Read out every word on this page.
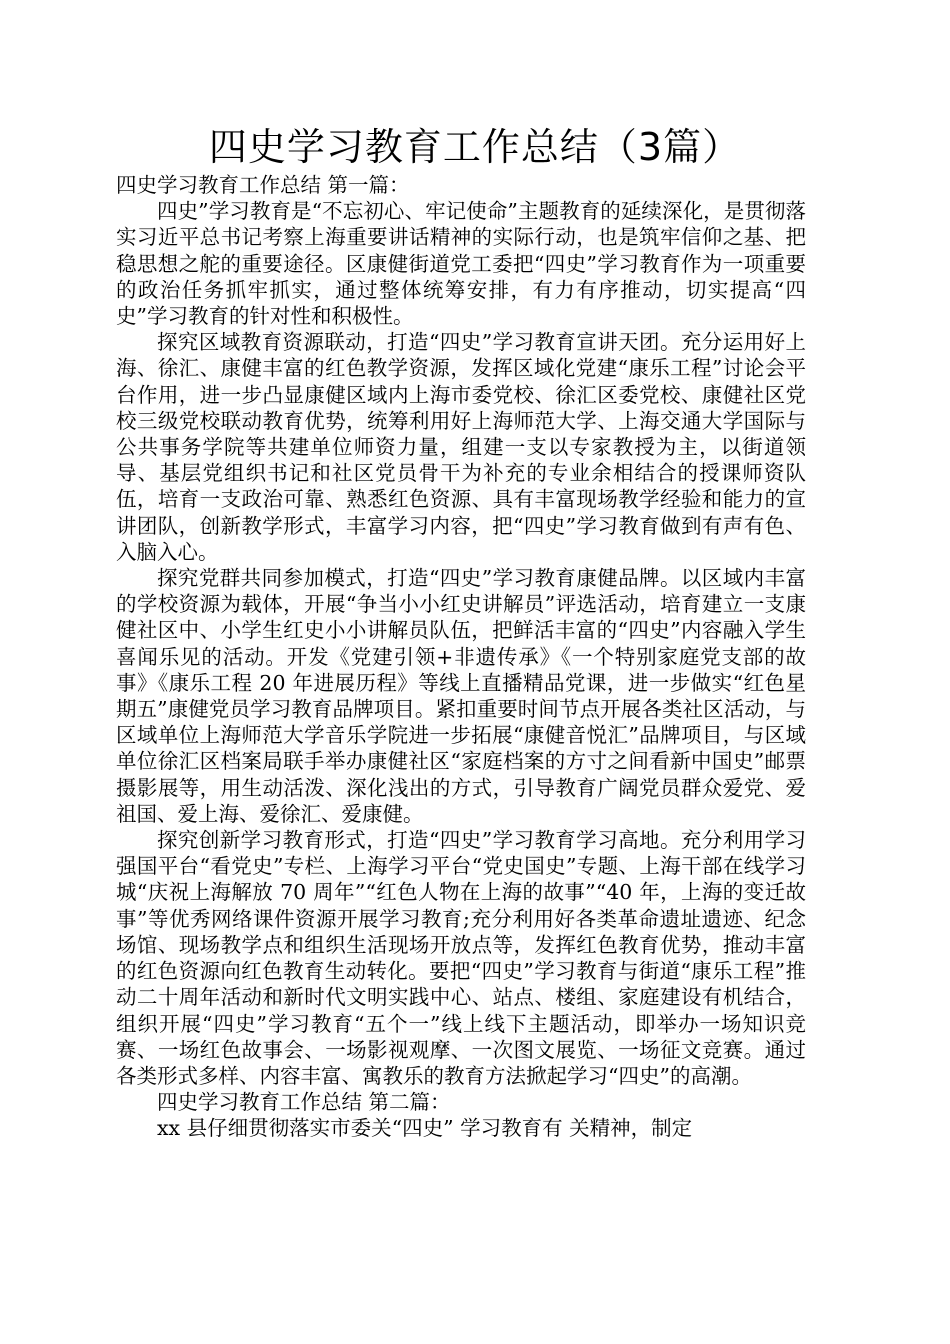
四史学习教育工作总结（3篇）

四史学习教育工作总结 第一篇：

四史”学习教育是“不忘初心、牢记使命”主题教育的延续深化，是贯彻落实习近平总书记考察上海重要讲话精神的实际行动，也是筑牢信仰之基、把稳思想之舵的重要途径。区康健街道党工委把“四史”学习教育作为一项重要的政治任务抓牢抓实，通过整体统筹安排，有力有序推动，切实提高“四史”学习教育的针对性和积极性。

探究区域教育资源联动，打造“四史”学习教育宣讲天团。充分运用好上海、徐汇、康健丰富的红色教学资源，发挥区域化党建“康乐工程”讨论会平台作用，进一步凸显康健区域内上海市委党校、徐汇区委党校、康健社区党校三级党校联动教育优势，统筹利用好上海师范大学、上海交通大学国际与公共事务学院等共建单位师资力量，组建一支以专家教授为主，以街道领导、基层党组织书记和社区党员骨干为补充的专业余相结合的授课师资队伍，培育一支政治可靠、熟悉红色资源、具有丰富现场教学经验和能力的宣讲团队，创新教学形式，丰富学习内容，把“四史”学习教育做到有声有色、入脑入心。

探究党群共同参加模式，打造“四史”学习教育康健品牌。以区域内丰富的学校资源为载体，开展“争当小小红史讲解员”评选活动，培育建立一支康健社区中、小学生红史小小讲解员队伍，把鲜活丰富的“四史”内容融入学生喜闻乐见的活动。开发《党建引领+非遗传承》《一个特别家庭党支部的故事》《康乐工程 20 年进展历程》等线上直播精品党课，进一步做实“红色星期五”康健党员学习教育品牌项目。紧扣重要时间节点开展各类社区活动，与区域单位上海师范大学音乐学院进一步拓展“康健音悦汇”品牌项目，与区域单位徐汇区档案局联手举办康健社区“家庭档案的方寸之间看新中国史”邮票摄影展等，用生动活泼、深化浅出的方式，引导教育广阔党员群众爱党、爱祖国、爱上海、爱徐汇、爱康健。

探究创新学习教育形式，打造“四史”学习教育学习高地。充分利用学习强国平台“看党史”专栏、上海学习平台“党史国史”专题、上海干部在线学习城“庆祝上海解放 70 周年”“红色人物在上海的故事”“40 年，上海的变迁故事”等优秀网络课件资源开展学习教育;充分利用好各类革命遗址遗迹、纪念场馆、现场教学点和组织生活现场开放点等，发挥红色教育优势，推动丰富的红色资源向红色教育生动转化。要把“四史”学习教育与街道“康乐工程”推动二十周年活动和新时代文明实践中心、站点、楼组、家庭建设有机结合，组织开展“四史”学习教育“五个一”线上线下主题活动，即举办一场知识竞赛、一场红色故事会、一场影视观摩、一次图文展览、一场征文竞赛。通过各类形式多样、内容丰富、寓教乐的教育方法掀起学习“四史”的高潮。

四史学习教育工作总结 第二篇：

xx 县仔细贯彻落实市委关“四史” 学习教育有 关精神，制定
